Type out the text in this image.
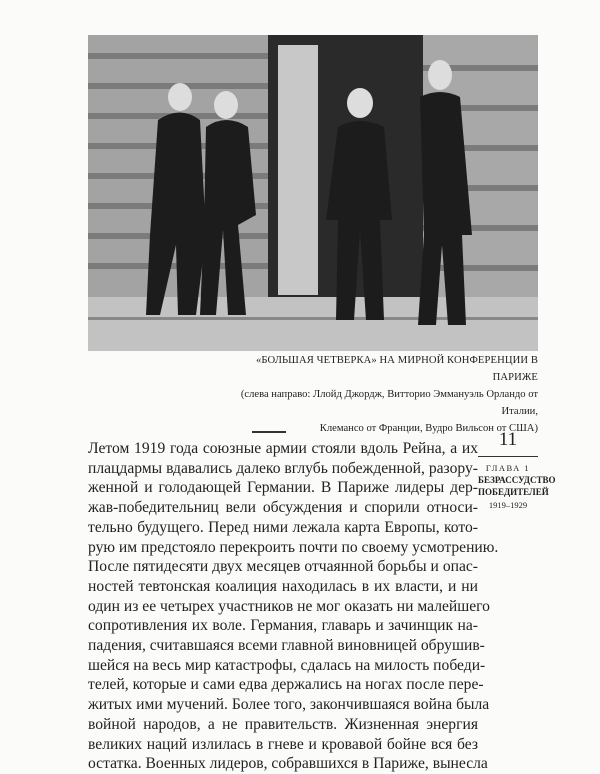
«БОЛЬШАЯ ЧЕТВЕРКА» НА МИРНОЙ КОНФЕРЕНЦИИ В ПАРИЖЕ
(слева направо: Ллойд Джордж, Витторио Эммануэль Орландо от Италии,
Клемансо от Франции, Вудро Вильсон от США)
Летом 1919 года союзные армии стояли вдоль Рейна, а их
плацдармы вдавались далеко вглубь побежденной, разору-
женной и голодающей Германии. В Париже лидеры дер-
жав-победительниц вели обсуждения и спорили относи-
тельно будущего. Перед ними лежала карта Европы, кото-
рую им предстояло перекроить почти по своему усмотрению.
После пятидесяти двух месяцев отчаянной борьбы и опас-
ностей тевтонская коалиция находилась в их власти, и ни
один из ее четырех участников не мог оказать ни малейшего
сопротивления их воле. Германия, главарь и зачинщик на-
падения, считавшаяся всеми главной виновницей обрушив-
шейся на весь мир катастрофы, сдалась на милость победи-
телей, которые и сами едва держались на ногах после пере-
житых ими мучений. Более того, закончившаяся война была
войной народов, а не правительств. Жизненная энергия
великих наций излилась в гневе и кровавой бойне вся без
остатка. Военных лидеров, собравшихся в Париже, вынесла
11
ГЛАВА 1
БЕЗРАССУДСТВО
ПОБЕДИТЕЛЕЙ
1919–1929
